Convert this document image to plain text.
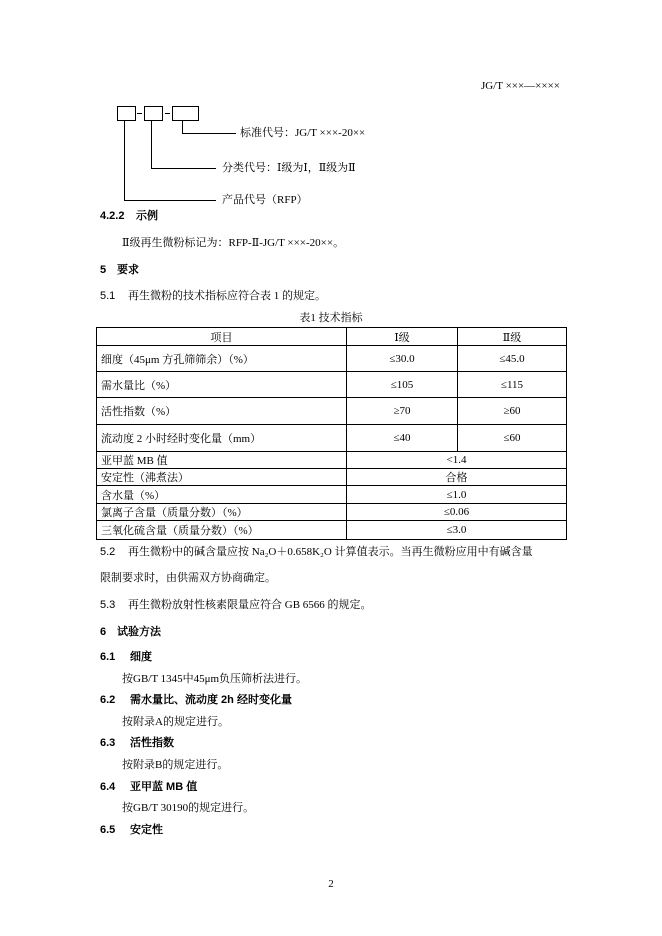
JG/T ×××—××××
标准代号：JG/T ×××-20××
分类代号：Ⅰ级为Ⅰ，Ⅱ级为Ⅱ
产品代号（RFP）
4.2.2	示例
Ⅱ级再生微粉标记为：RFP-Ⅱ-JG/T ×××-20××。
5 要求
5.1	再生微粉的技术指标应符合表 1 的规定。
表1 技术指标
项目	Ⅰ级	Ⅱ级
细度（45μm 方孔筛筛余）（%）	≤30.0	≤45.0
需水量比（%）	≤105	≤115
活性指数（%）	≥70	≥60
流动度 2 小时经时变化量（mm）	≤40	≤60
亚甲蓝 MB 值	<1.4	
安定性（沸煮法）	合格	
含水量（%）	≤1.0	
氯离子含量（质量分数）（%）	≤0.06	
三氧化硫含量（质量分数）（%）	≤3.0	
5.2	再生微粉中的碱含量应按 Na₂O＋0.658K₂O 计算值表示。当再生微粉应用中有碱含量
限制要求时，由供需双方协商确定。
5.3	再生微粉放射性核素限量应符合 GB 6566 的规定。
6 试验方法
6.1	细度
按GB/T 1345中45μm负压筛析法进行。
6.2	需水量比、流动度 2h 经时变化量
按附录A的规定进行。
6.3	活性指数
按附录B的规定进行。
6.4	亚甲蓝 MB 值
按GB/T 30190的规定进行。
6.5	安定性
2
